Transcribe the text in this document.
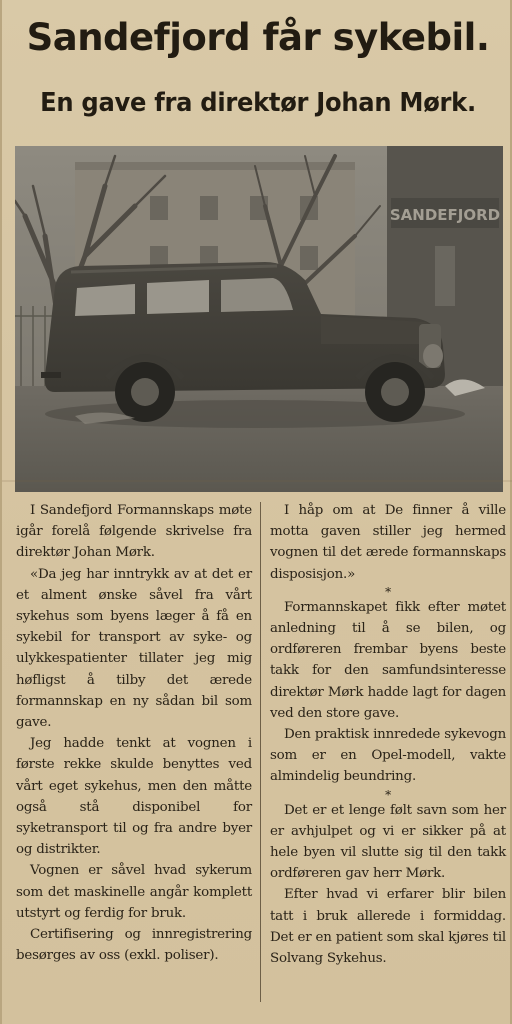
Sandefjord får sykebil.
En gave fra direktør Johan Mørk.
SANDEFJORD

I Sandefjord Formannskaps møte igår forelå følgende skrivelse fra direktør Johan Mørk.

«Da jeg har inntrykk av at det er et alment ønske såvel fra vårt sykehus som byens læger å få en sykebil for transport av syke- og ulykkespatienter tillater jeg mig høfligst å tilby det ærede formannskap en ny sådan bil som gave.

Jeg hadde tenkt at vognen i første rekke skulde benyttes ved vårt eget sykehus, men den måtte også stå disponibel for syketransport til og fra andre byer og distrikter.

Vognen er såvel hvad sykerum som det maskinelle angår komplett utstyrt og ferdig for bruk.

Certifisering og innregistrering besørges av oss (exkl. poliser).

I håp om at De finner å ville motta gaven stiller jeg hermed vognen til det ærede formannskaps disposisjon.»

*

Formannskapet fikk efter møtet anledning til å se bilen, og ordføreren frembar byens beste takk for den samfundsinteresse direktør Mørk hadde lagt for dagen ved den store gave.

Den praktisk innredede sykevogn som er en Opel-modell, vakte almindelig beundring.

*

Det er et lenge følt savn som her er avhjulpet og vi er sikker på at hele byen vil slutte sig til den takk ordføreren gav herr Mørk.

Efter hvad vi erfarer blir bilen tatt i bruk allerede i formiddag. Det er en patient som skal kjøres til Solvang Sykehus.
